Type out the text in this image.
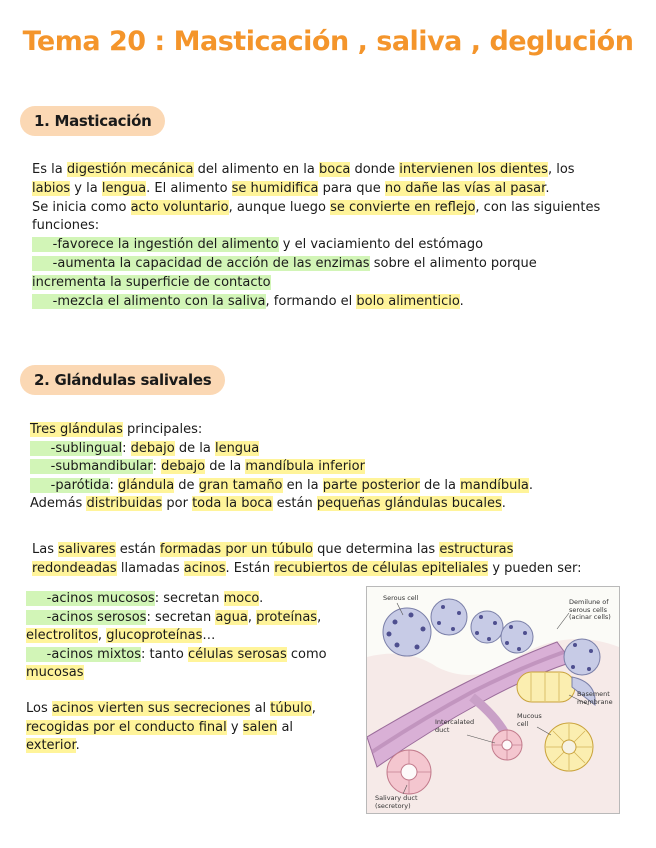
Tema 20 : Masticación , saliva , deglución
1. Masticación
Es la digestión mecánica del alimento en la boca donde intervienen los dientes, los
labios y la lengua. El alimento se humidifica para que no dañe las vías al pasar.
Se inicia como acto voluntario, aunque luego se convierte en reflejo, con las siguientes
funciones:
-favorece la ingestión del alimento y el vaciamiento del estómago
-aumenta la capacidad de acción de las enzimas sobre el alimento porque
incrementa la superficie de contacto
-mezcla el alimento con la saliva, formando el bolo alimenticio.
2. Glándulas salivales
Tres glándulas principales:
-sublingual: debajo de la lengua
-submandibular: debajo de la mandíbula inferior
-parótida: glándula de gran tamaño en la parte posterior de la mandíbula.
Además distribuidas por toda la boca están pequeñas glándulas bucales.
Las salivares están formadas por un túbulo que determina las estructuras
redondeadas llamadas acinos. Están recubiertos de células epiteliales y pueden ser:
-acinos mucosos: secretan moco.
-acinos serosos: secretan agua, proteínas,
electrolitos, glucoproteínas…
-acinos mixtos: tanto células serosas como
mucosas
Los acinos vierten sus secreciones al túbulo,
recogidas por el conducto final y salen al
exterior.
Serous cell	Demilune of
serous cells
(acinar cells)
Basement
membrane
Mucous
cell
Intercalated
duct
Salivary duct
(secretory)
